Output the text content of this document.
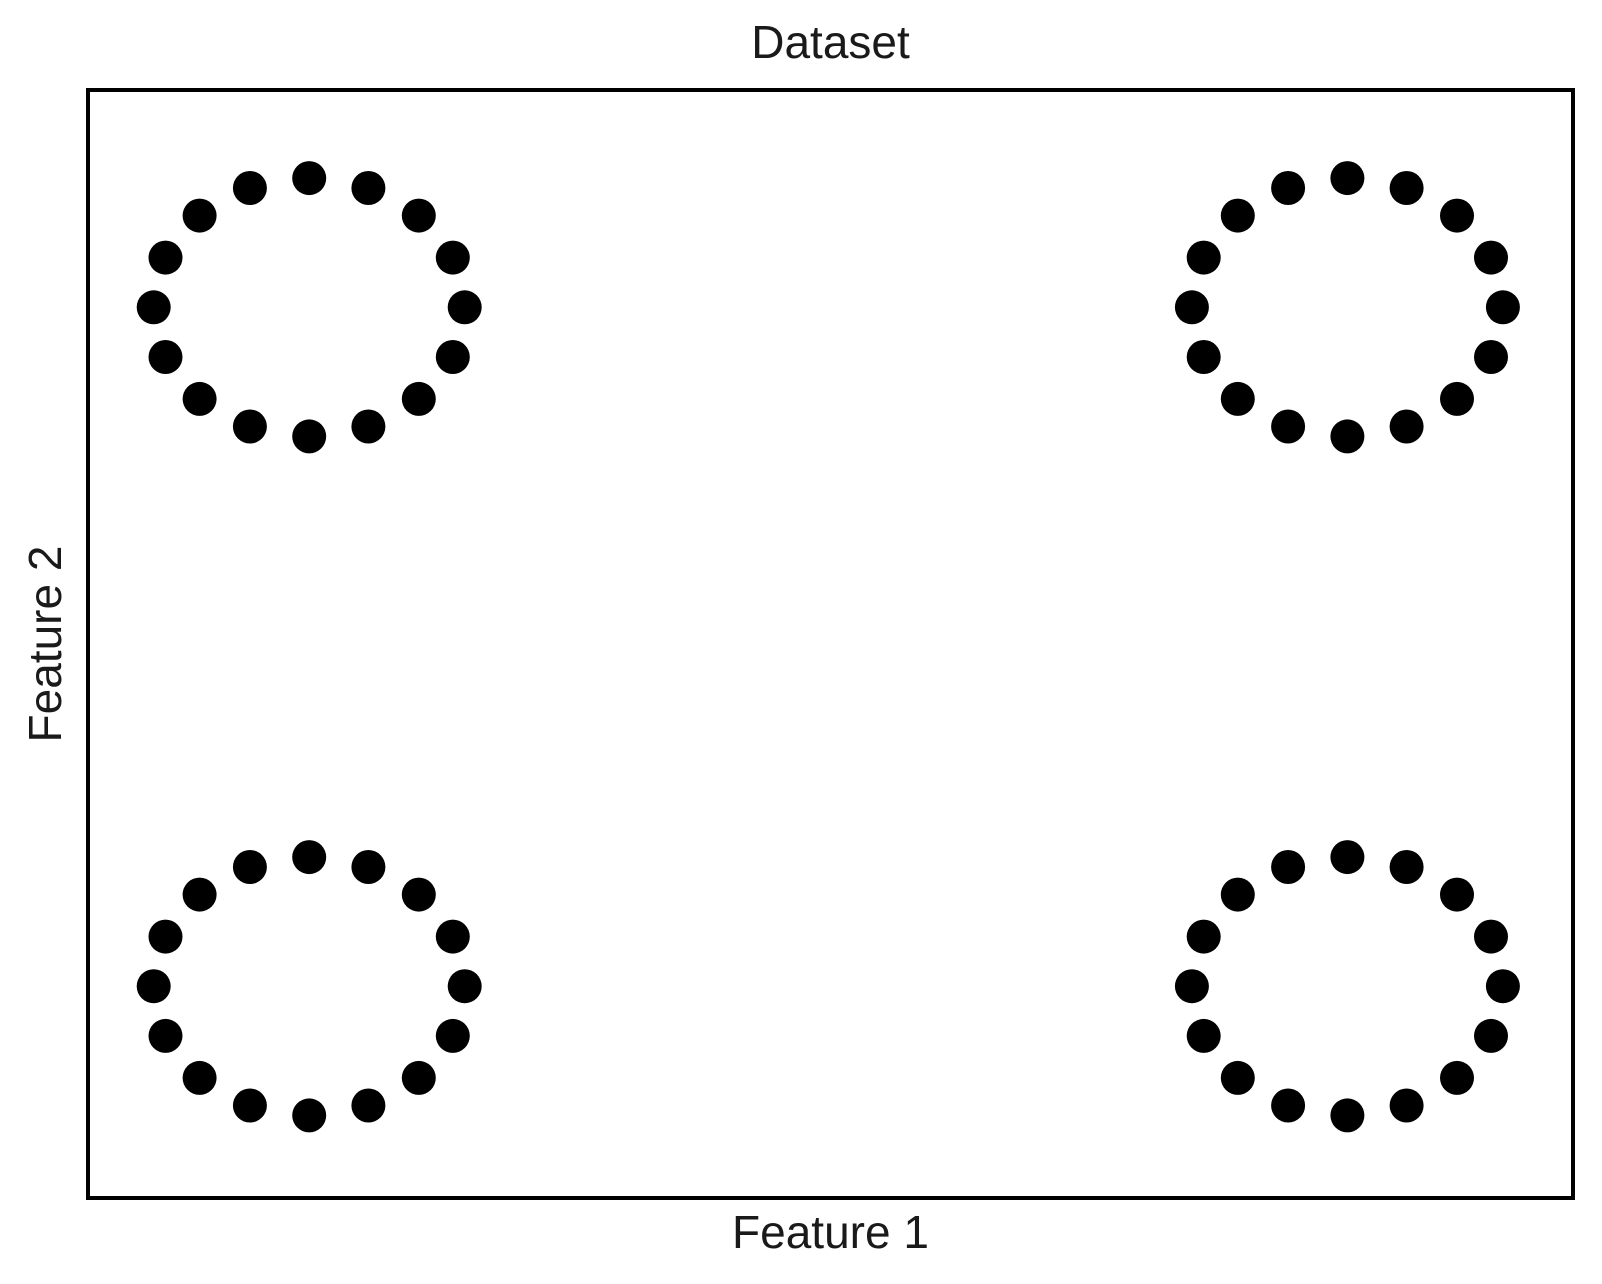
Dataset
Feature 1
Feature 2
